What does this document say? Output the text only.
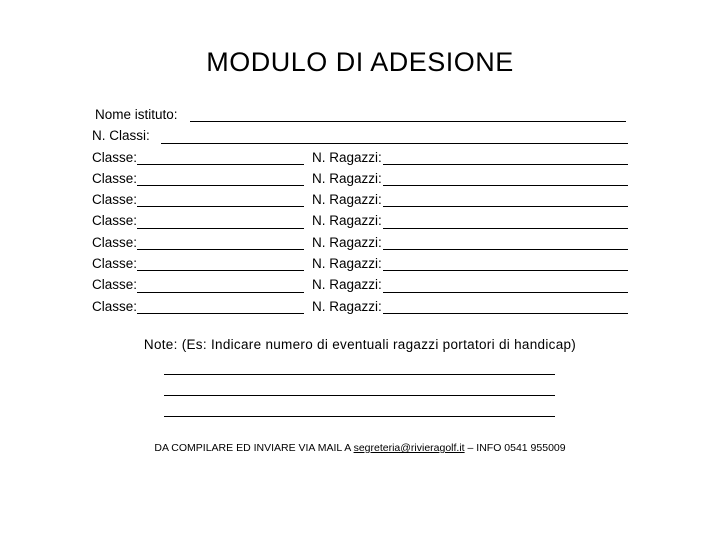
MODULO DI ADESIONE
Nome istituto:
N. Classi:
Classe:	N. Ragazzi:
Classe:	N. Ragazzi:
Classe:	N. Ragazzi:
Classe:	N. Ragazzi:
Classe:	N. Ragazzi:
Classe:	N. Ragazzi:
Classe:	N. Ragazzi:
Classe:	N. Ragazzi:
Note: (Es: Indicare numero di eventuali ragazzi portatori di handicap)
DA COMPILARE ED INVIARE VIA MAIL A segreteria@rivieragolf.it – INFO 0541 955009
